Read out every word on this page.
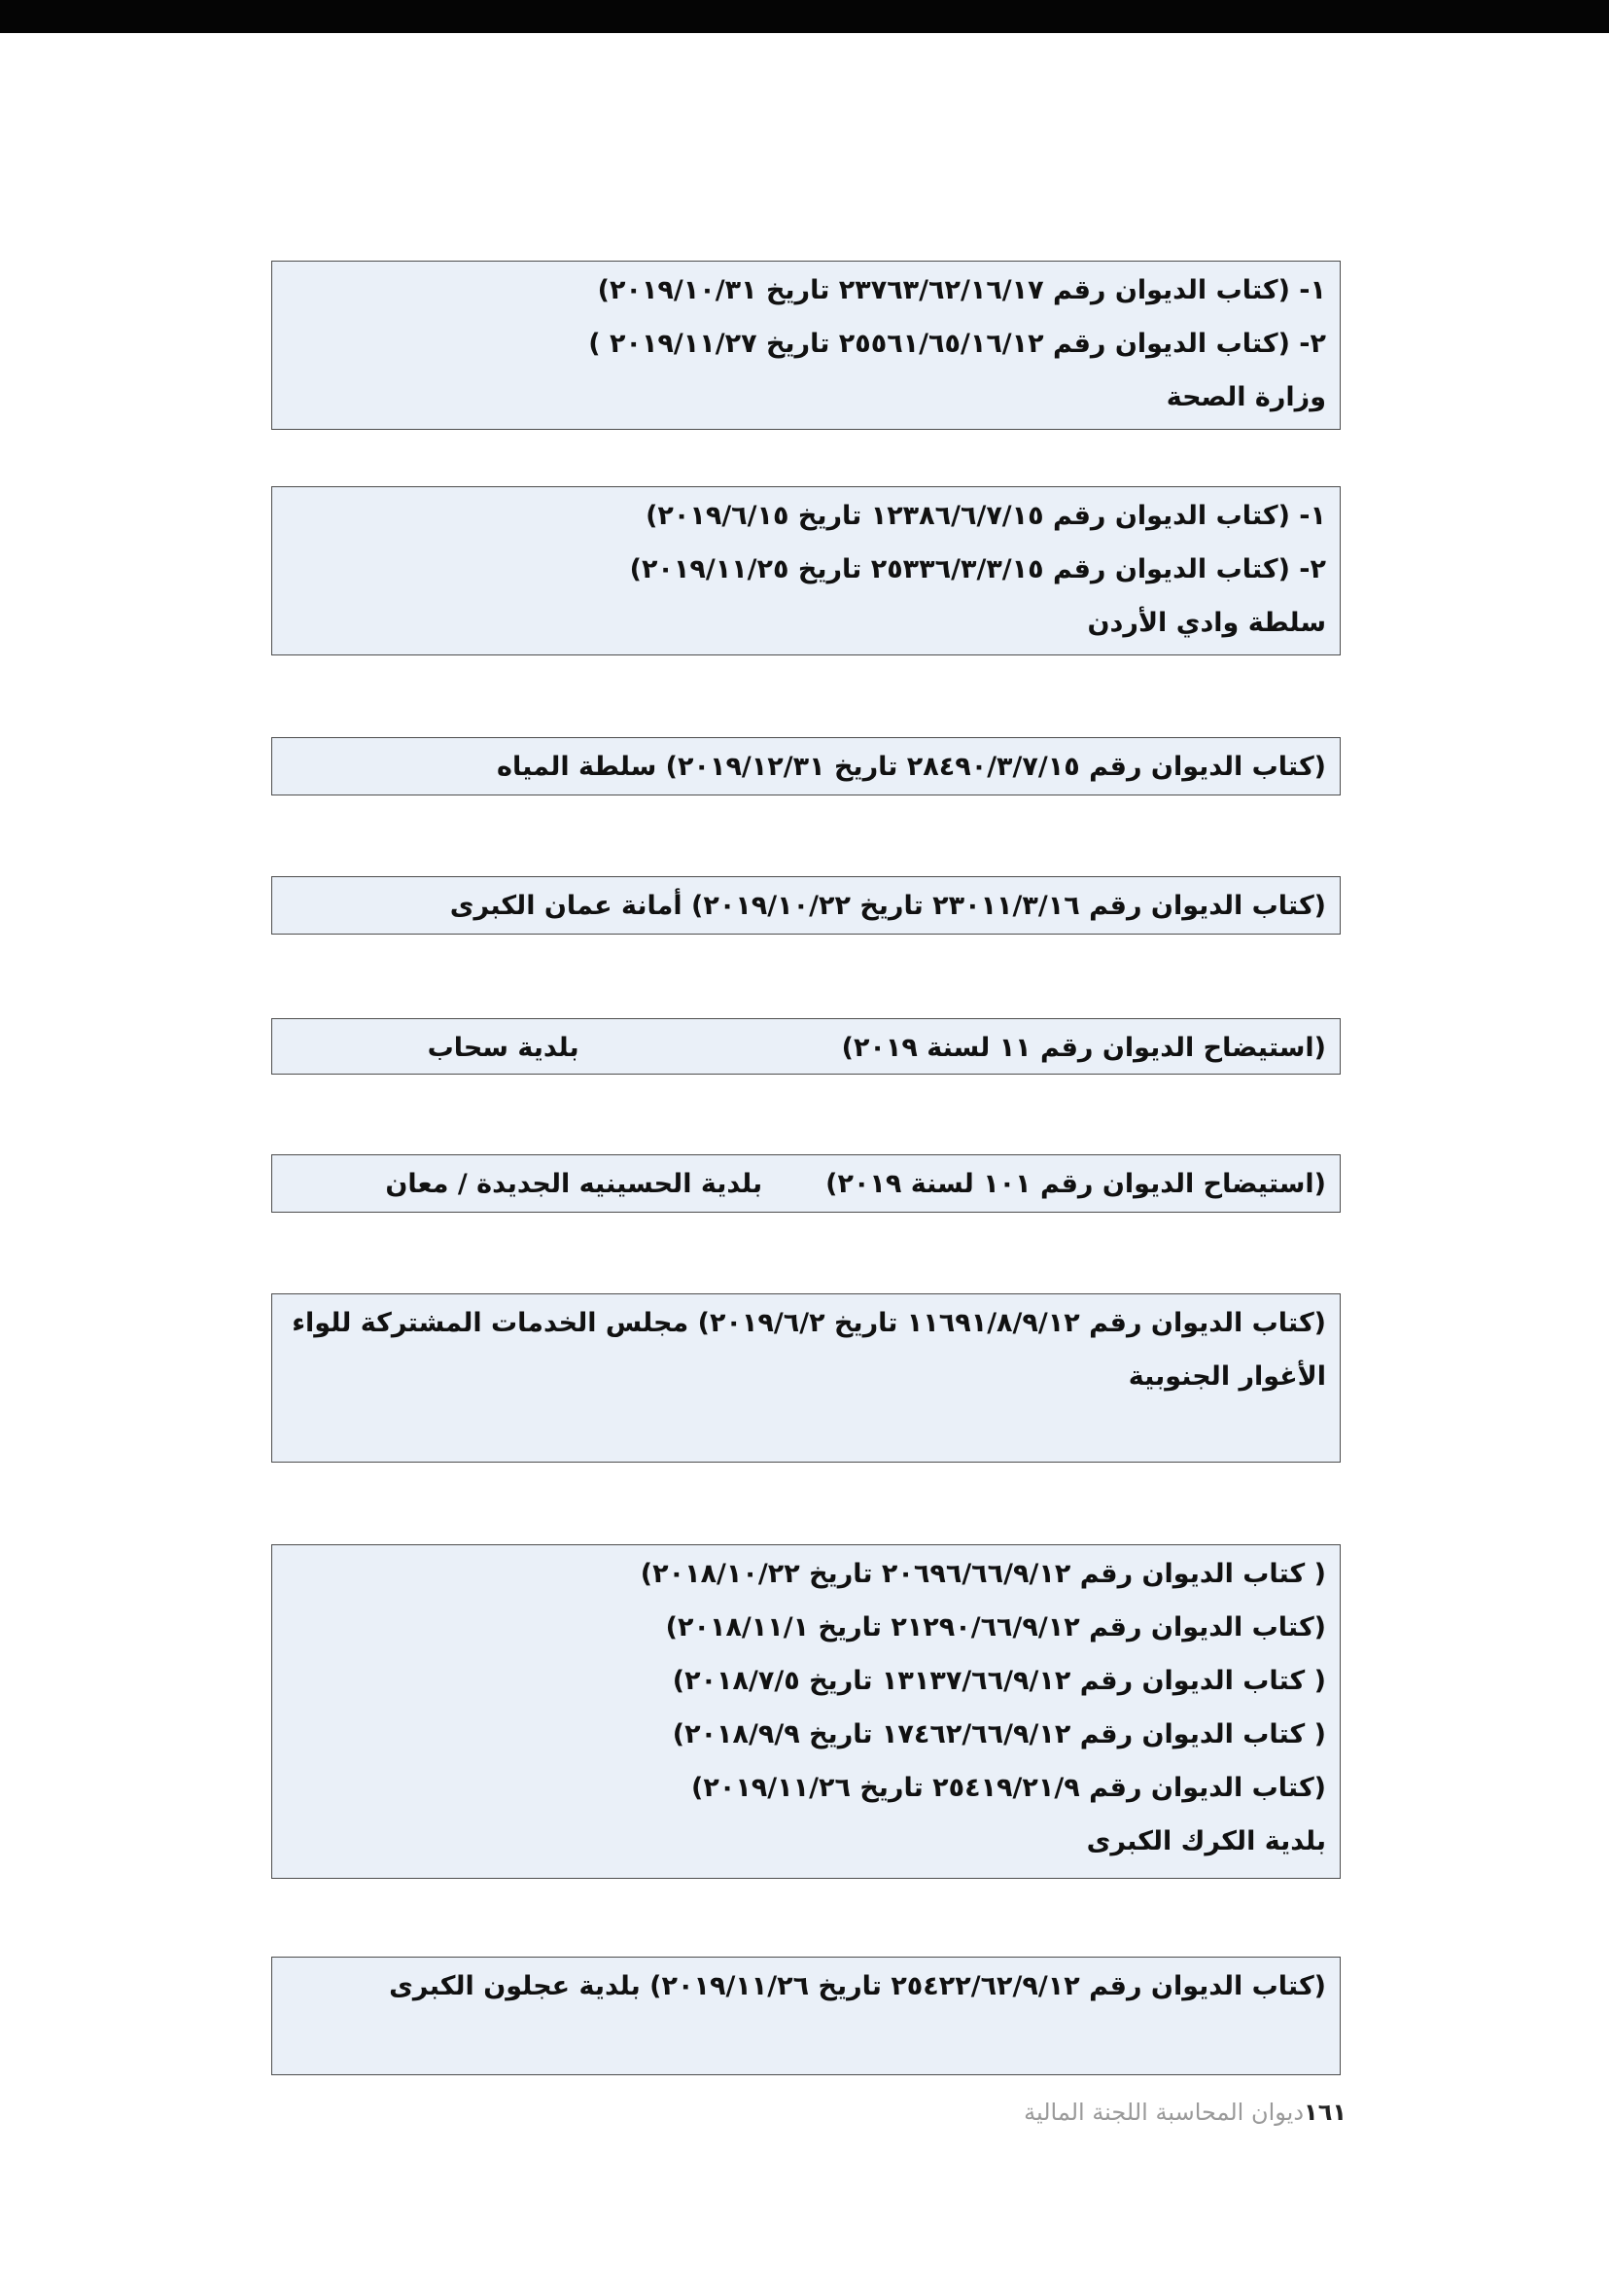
١- (كتاب الديوان رقم ٢٣٧٦٣/٦٢/١٦/١٧ تاريخ ٢٠١٩/١٠/٣١)
٢- (كتاب الديوان رقم ٢٥٥٦١/٦٥/١٦/١٢ تاريخ ٢٠١٩/١١/٢٧ )
وزارة الصحة
١- (كتاب الديوان رقم ١٢٣٨٦/٦/٧/١٥ تاريخ ٢٠١٩/٦/١٥)
٢- (كتاب الديوان رقم ٢٥٣٣٦/٣/٣/١٥ تاريخ ٢٠١٩/١١/٢٥)
سلطة وادي الأردن
(كتاب الديوان رقم ٢٨٤٩٠/٣/٧/١٥ تاريخ ٢٠١٩/١٢/٣١) سلطة المياه
(كتاب الديوان رقم ٢٣٠١١/٣/١٦ تاريخ ٢٠١٩/١٠/٢٢) أمانة عمان الكبرى
(استيضاح الديوان رقم ١١ لسنة ٢٠١٩)
بلدية سحاب
(استيضاح الديوان رقم ١٠١ لسنة ٢٠١٩)
بلدية الحسينيه الجديدة / معان
(كتاب الديوان رقم ١١٦٩١/٨/٩/١٢ تاريخ ٢٠١٩/٦/٢) مجلس الخدمات المشتركة للواء الأغوار الجنوبية
( كتاب الديوان رقم ٢٠٦٩٦/٦٦/٩/١٢ تاريخ ٢٠١٨/١٠/٢٢)
(كتاب الديوان رقم ٢١٢٩٠/٦٦/٩/١٢ تاريخ ٢٠١٨/١١/١)
( كتاب الديوان رقم ١٣١٣٧/٦٦/٩/١٢ تاريخ ٢٠١٨/٧/٥)
( كتاب الديوان رقم ١٧٤٦٢/٦٦/٩/١٢ تاريخ ٢٠١٨/٩/٩)
(كتاب الديوان رقم ٢٥٤١٩/٢١/٩ تاريخ ٢٠١٩/١١/٢٦)
بلدية الكرك الكبرى
(كتاب الديوان رقم ٢٥٤٢٢/٦٢/٩/١٢ تاريخ ٢٠١٩/١١/٢٦) بلدية عجلون الكبرى
١٦١ديوان المحاسبة اللجنة المالية
